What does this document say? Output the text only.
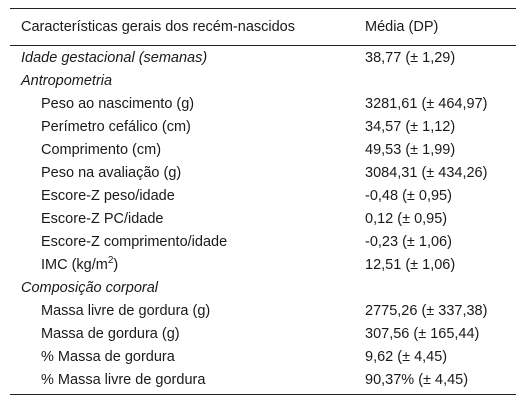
Características gerais dos recém-nascidos	Média (DP)
Idade gestacional (semanas)	38,77 (± 1,29)
Antropometria	
Peso ao nascimento (g)	3281,61 (± 464,97)
Perímetro cefálico (cm)	34,57 (± 1,12)
Comprimento (cm)	49,53 (± 1,99)
Peso na avaliação (g)	3084,31 (± 434,26)
Escore-Z peso/idade	-0,48 (± 0,95)
Escore-Z PC/idade	0,12 (± 0,95)
Escore-Z comprimento/idade	-0,23 (± 1,06)
IMC $(kg/m^2)$	12,51 (± 1,06)
Composição corporal	
Massa livre de gordura (g)	2775,26 (± 337,38)
Massa de gordura (g)	307,56 (± 165,44)
% Massa de gordura	9,62 (± 4,45)
% Massa livre de gordura	90,37% (± 4,45)
